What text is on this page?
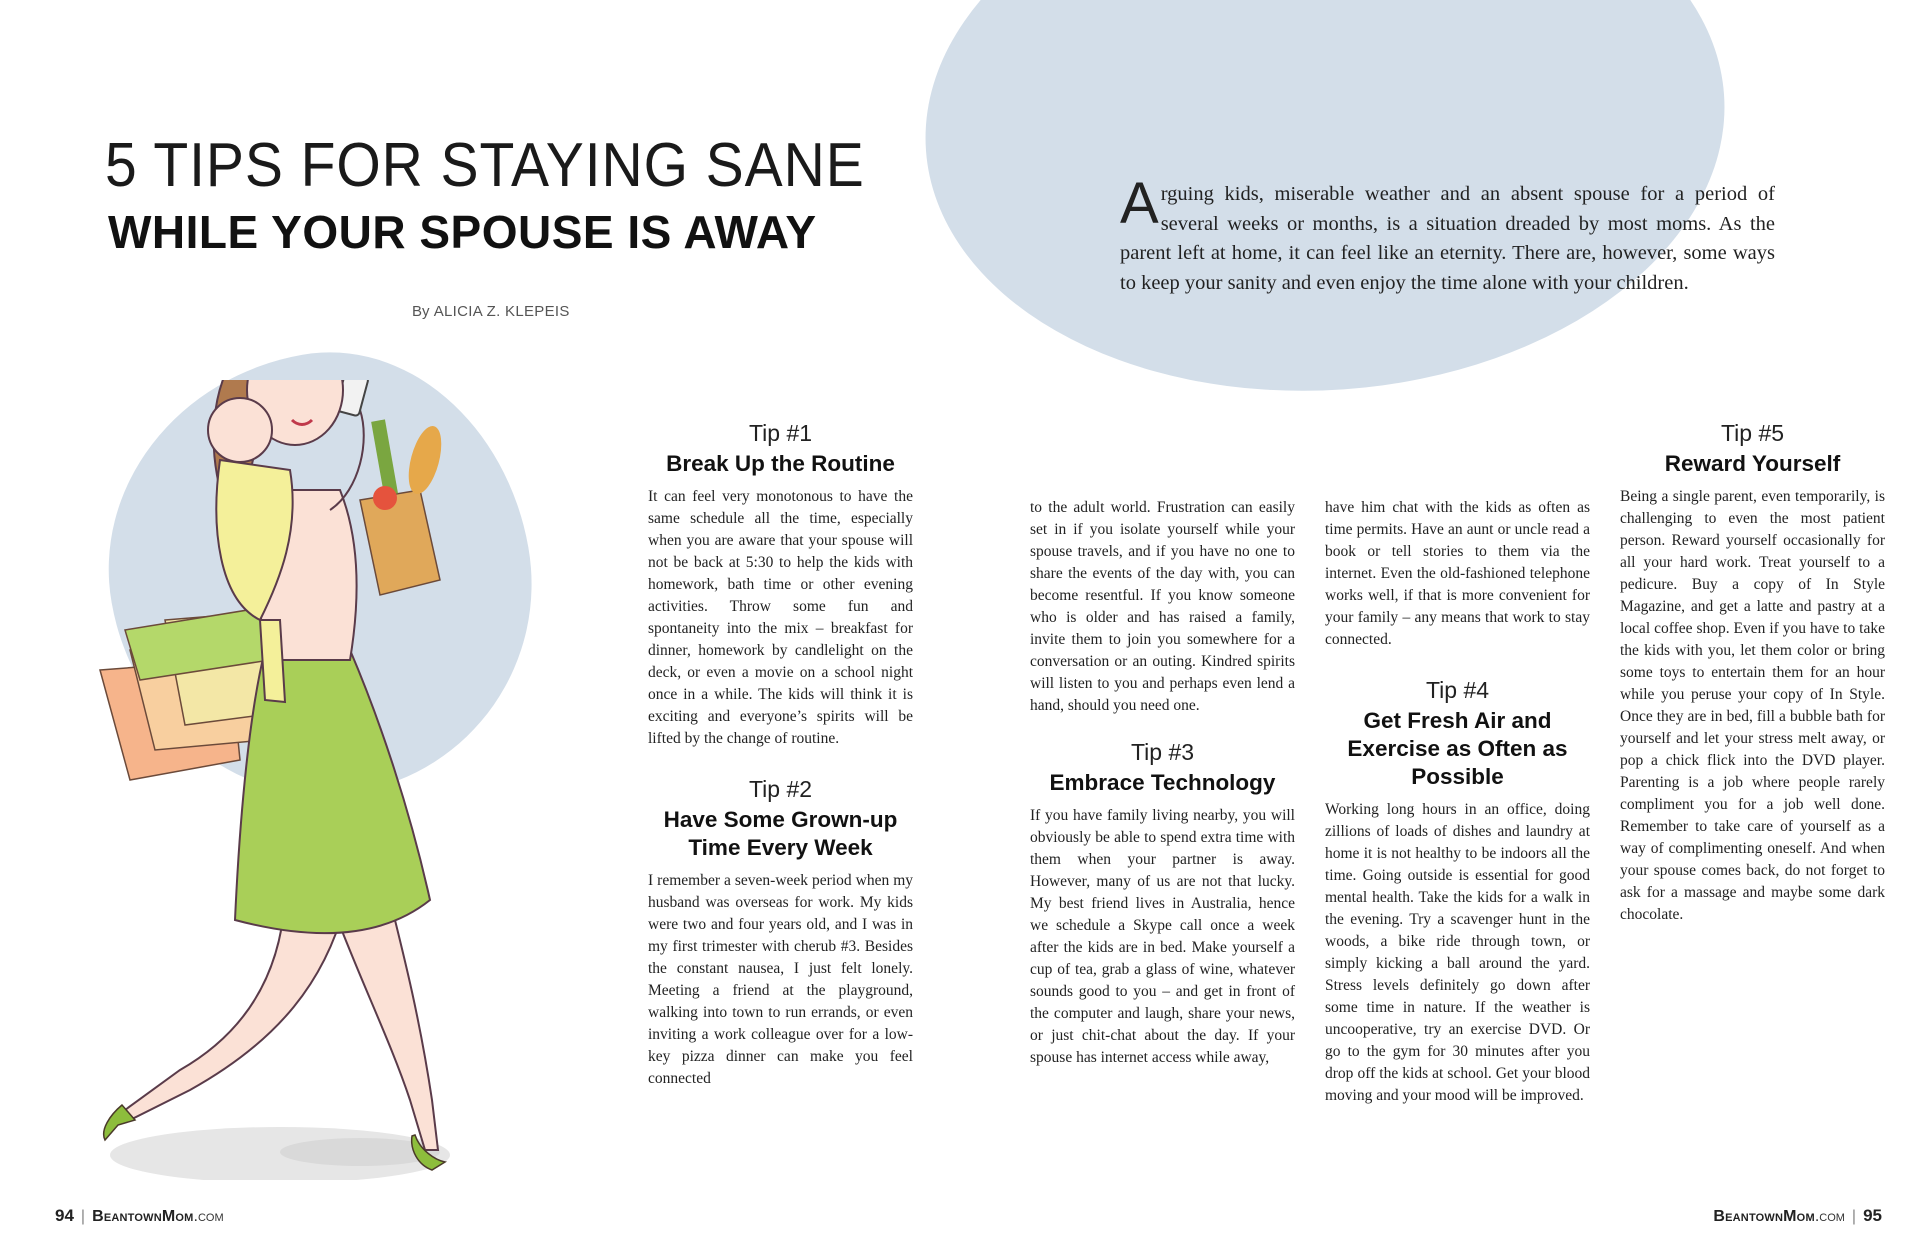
5 TIPS FOR STAYING SANE
WHILE YOUR SPOUSE IS AWAY
By ALICIA Z. KLEPEIS
Arguing kids, miserable weather and an absent spouse for a period of several weeks or months, is a situation dreaded by most moms. As the parent left at home, it can feel like an eternity. There are, however, some ways to keep your sanity and even enjoy the time alone with your children.
Tip #1
Break Up the Routine

It can feel very monotonous to have the same schedule all the time, especially when you are aware that your spouse will not be back at 5:30 to help the kids with homework, bath time or other evening activities. Throw some fun and spontaneity into the mix – breakfast for dinner, homework by candlelight on the deck, or even a movie on a school night once in a while. The kids will think it is exciting and everyone’s spirits will be lifted by the change of routine.

Tip #2
Have Some Grown-up Time Every Week

I remember a seven-week period when my husband was overseas for work. My kids were two and four years old, and I was in my first trimester with cherub #3. Besides the constant nausea, I just felt lonely. Meeting a friend at the playground, walking into town to run errands, or even inviting a work colleague over for a low-key pizza dinner can make you feel connected

to the adult world. Frustration can easily set in if you isolate yourself while your spouse travels, and if you have no one to share the events of the day with, you can become resentful. If you know someone who is older and has raised a family, invite them to join you somewhere for a conversation or an outing. Kindred spirits will listen to you and perhaps even lend a hand, should you need one.

Tip #3
Embrace Technology

If you have family living nearby, you will obviously be able to spend extra time with them when your partner is away. However, many of us are not that lucky. My best friend lives in Australia, hence we schedule a Skype call once a week after the kids are in bed. Make yourself a cup of tea, grab a glass of wine, whatever sounds good to you – and get in front of the computer and laugh, share your news, or just chit-chat about the day. If your spouse has internet access while away,

have him chat with the kids as often as time permits. Have an aunt or uncle read a book or tell stories to them via the internet. Even the old-fashioned telephone works well, if that is more convenient for your family – any means that work to stay connected.

Tip #4
Get Fresh Air and Exercise as Often as Possible

Working long hours in an office, doing zillions of loads of dishes and laundry at home it is not healthy to be indoors all the time. Going outside is essential for good mental health. Take the kids for a walk in the evening. Try a scavenger hunt in the woods, a bike ride through town, or simply kicking a ball around the yard. Stress levels definitely go down after some time in nature. If the weather is uncooperative, try an exercise DVD. Or go to the gym for 30 minutes after you drop off the kids at school. Get your blood moving and your mood will be improved.

Tip #5
Reward Yourself

Being a single parent, even temporarily, is challenging to even the most patient person. Reward yourself occasionally for all your hard work. Treat yourself to a pedicure. Buy a copy of In Style Magazine, and get a latte and pastry at a local coffee shop. Even if you have to take the kids with you, let them color or bring some toys to entertain them for an hour while you peruse your copy of In Style. Once they are in bed, fill a bubble bath for yourself and let your stress melt away, or pop a chick flick into the DVD player. Parenting is a job where people rarely compliment you for a job well done. Remember to take care of yourself as a way of complimenting oneself. And when your spouse comes back, do not forget to ask for a massage and maybe some dark chocolate.

94 | BeantownMom.com	BeantownMom.com | 95
